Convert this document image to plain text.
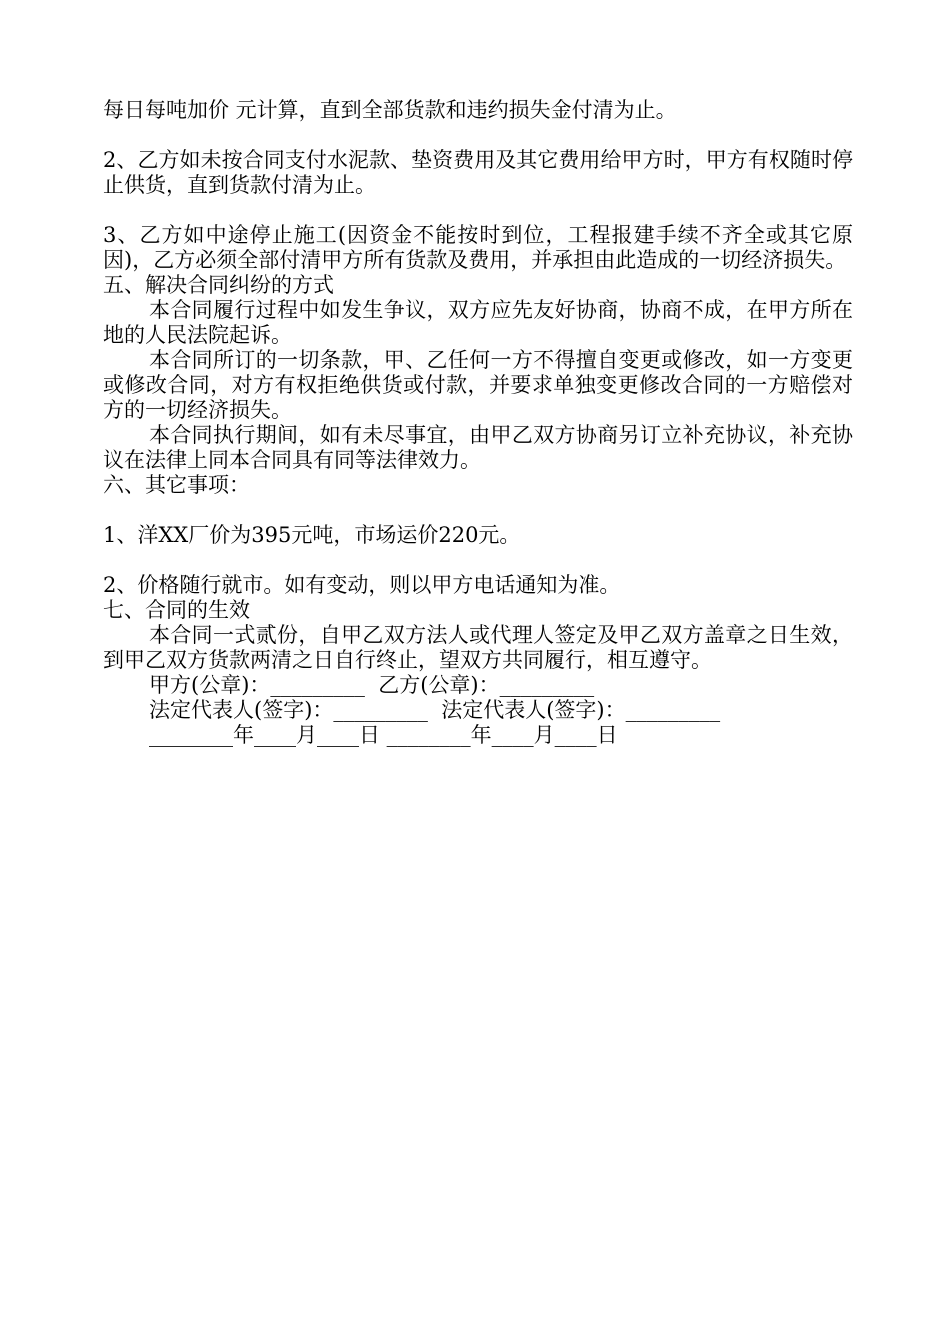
每日每吨加价 元计算，直到全部货款和违约损失金付清为止。

2、乙方如未按合同支付水泥款、垫资费用及其它费用给甲方时，甲方有权随时停止供货，直到货款付清为止。

3、乙方如中途停止施工(因资金不能按时到位，工程报建手续不齐全或其它原因)，乙方必须全部付清甲方所有货款及费用，并承担由此造成的一切经济损失。

五、解决合同纠纷的方式

本合同履行过程中如发生争议，双方应先友好协商，协商不成，在甲方所在地的人民法院起诉。

本合同所订的一切条款，甲、乙任何一方不得擅自变更或修改，如一方变更或修改合同，对方有权拒绝供货或付款，并要求单独变更修改合同的一方赔偿对方的一切经济损失。

本合同执行期间，如有未尽事宜，由甲乙双方协商另订立补充协议，补充协议在法律上同本合同具有同等法律效力。

六、其它事项：

1、洋XX厂价为395元吨，市场运价220元。

2、价格随行就市。如有变动，则以甲方电话通知为准。

七、合同的生效

本合同一式贰份，自甲乙双方法人或代理人签定及甲乙双方盖章之日生效，到甲乙双方货款两清之日自行终止，望双方共同履行，相互遵守。

甲方(公章)：_________  乙方(公章)：_________

法定代表人(签字)：_________  法定代表人(签字)：_________

________年____月____日 ________年____月____日
